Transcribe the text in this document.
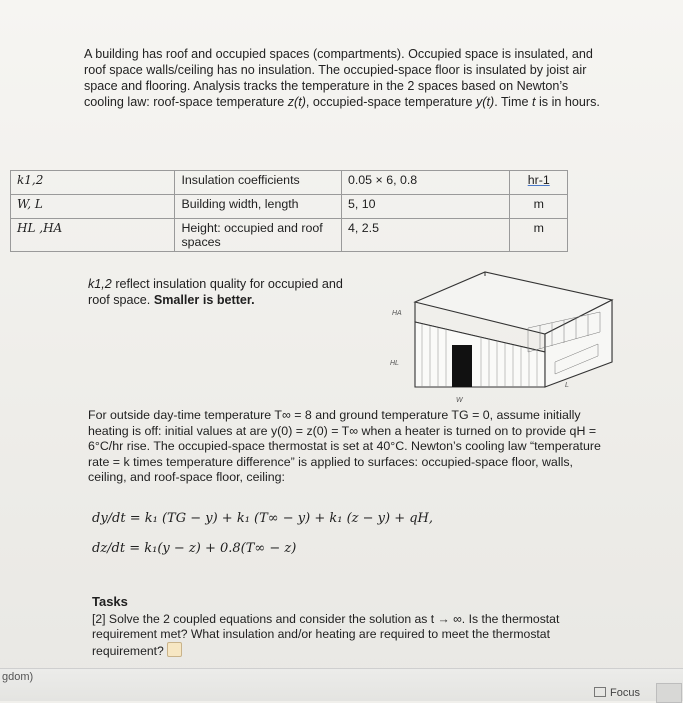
A building has roof and occupied spaces (compartments). Occupied space is insulated, and roof space walls/ceiling has no insulation. The occupied-space floor is insulated by joist air space and flooring. Analysis tracks the temperature in the 2 spaces based on Newton’s cooling law: roof-space temperature z(t), occupied-space temperature y(t). Time t is in hours.
k1,2	Insulation coefficients	0.05 × 6, 0.8	hr-1
W, L	Building width, length	5, 10	m
HL ,HA	Height: occupied and roof spaces	4, 2.5	m
k1,2 reflect insulation quality for occupied and roof space. Smaller is better.
HA
HL
W
L
For outside day-time temperature T∞ = 8 and ground temperature TG = 0, assume initially heating is off: initial values at are y(0) = z(0) = T∞ when a heater is turned on to provide qH = 6°C/hr rise. The occupied-space thermostat is set at 40°C. Newton’s cooling law “temperature rate = k times temperature difference” is applied to surfaces: occupied-space floor, walls, ceiling, and roof-space floor, ceiling:
dy/dt = k₁ (TG − y) + k₁ (T∞ − y) + k₁ (z − y) + qH,
dz/dt = k₁(y − z) + 0.8(T∞ − z)
Tasks
[2] Solve the 2 coupled equations and consider the solution as t → ∞. Is the thermostat requirement met? What insulation and/or heating are required to meet the thermostat requirement?
gdom)
Focus
